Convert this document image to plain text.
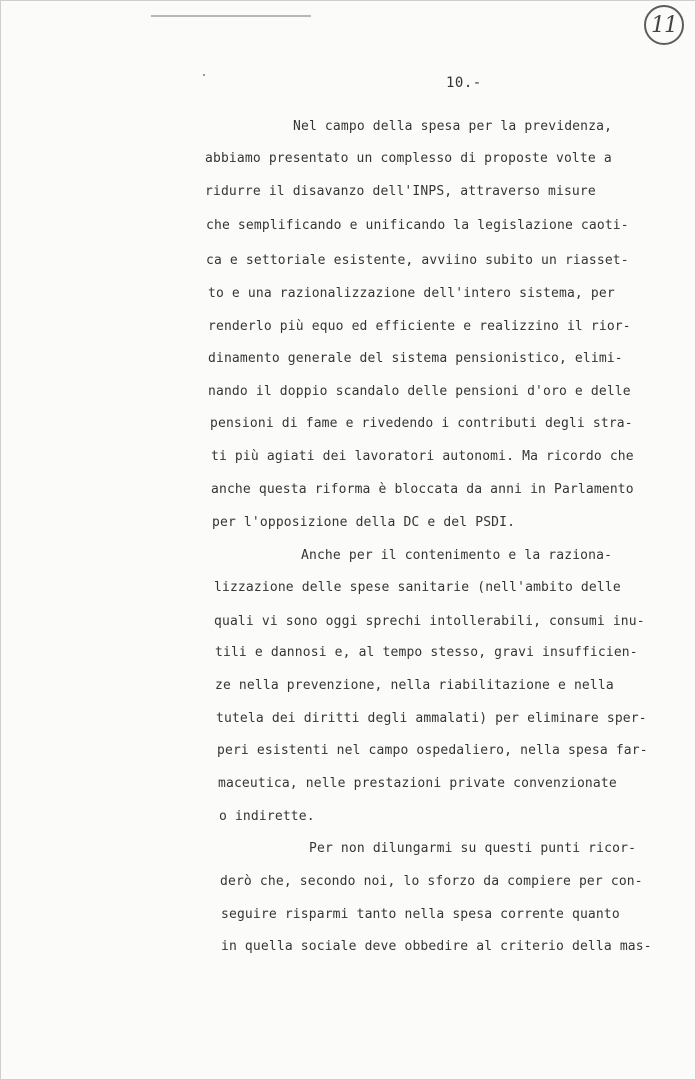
11
10.-
Nel campo della spesa per la previdenza,
abbiamo presentato un complesso di proposte volte a
ridurre il disavanzo dell'INPS, attraverso misure
che semplificando e unificando la legislazione caoti-
ca e settoriale esistente, avviino subito un riasset-
to e una razionalizzazione dell'intero sistema, per
renderlo più equo ed efficiente e realizzino il rior-
dinamento generale del sistema pensionistico, elimi-
nando il doppio scandalo delle pensioni d'oro e delle
pensioni di fame e rivedendo i contributi degli stra-
ti più agiati dei lavoratori autonomi. Ma ricordo che
anche questa riforma è bloccata da anni in Parlamento
per l'opposizione della DC e del PSDI.
Anche per il contenimento e la raziona-
lizzazione delle spese sanitarie (nell'ambito delle
quali vi sono oggi sprechi intollerabili, consumi inu-
tili e dannosi e, al tempo stesso, gravi insufficien-
ze nella prevenzione, nella riabilitazione e nella
tutela dei diritti degli ammalati) per eliminare sper-
peri esistenti nel campo ospedaliero, nella spesa far-
maceutica, nelle prestazioni private convenzionate
o indirette.
Per non dilungarmi su questi punti ricor-
derò che, secondo noi, lo sforzo da compiere per con-
seguire risparmi tanto nella spesa corrente quanto
in quella sociale deve obbedire al criterio della mas-
